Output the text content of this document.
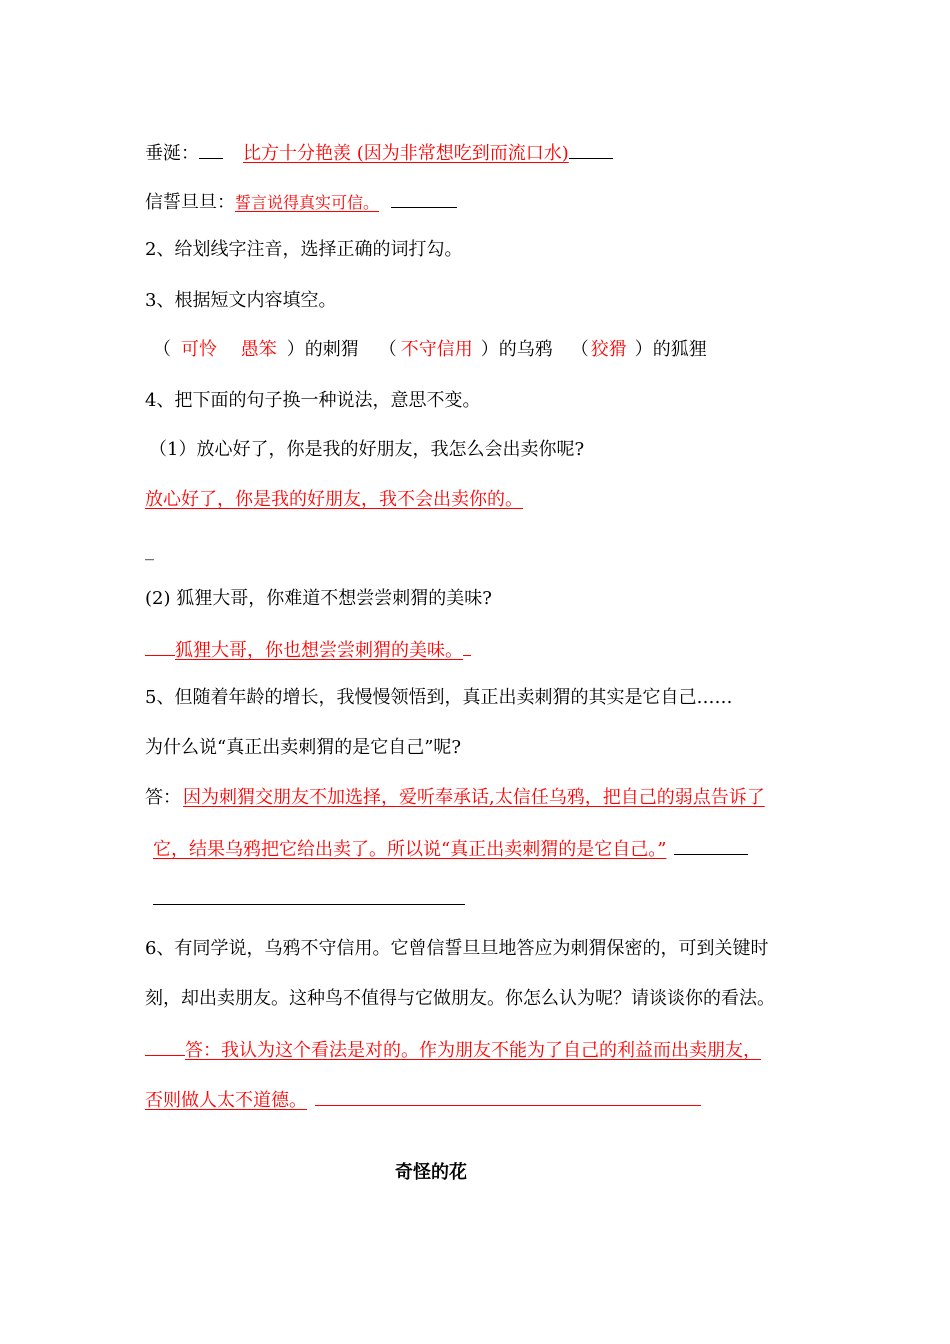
垂涎： 比方十分艳羡 (因为非常想吃到而流口水)
信誓旦旦：誓言说得真实可信。
2、给划线字注音，选择正确的词打勾。
3、根据短文内容填空。
（ 可怜　 愚笨 ）的刺猬 （ 不守信用 ）的乌鸦 （ 狡猾 ）的狐狸
4、把下面的句子换一种说法，意思不变。
（1）放心好了，你是我的好朋友，我怎么会出卖你呢?
放心好了，你是我的好朋友，我不会出卖你的。
_
(2) 狐狸大哥，你难道不想尝尝刺猬的美味?
狐狸大哥，你也想尝尝刺猬的美味。
5、但随着年龄的增长，我慢慢领悟到，真正出卖刺猬的其实是它自己……
为什么说“真正出卖刺猬的是它自己”呢?
答： 因为刺猬交朋友不加选择，爱听奉承话,太信任乌鸦，把自己的弱点告诉了
它，结果乌鸦把它给出卖了。所以说“真正出卖刺猬的是它自己。”
6、有同学说，乌鸦不守信用。它曾信誓旦旦地答应为刺猬保密的，可到关键时
刻，却出卖朋友。这种鸟不值得与它做朋友。你怎么认为呢？请谈谈你的看法。
答：我认为这个看法是对的。作为朋友不能为了自己的利益而出卖朋友，
否则做人太不道德。
奇怪的花
